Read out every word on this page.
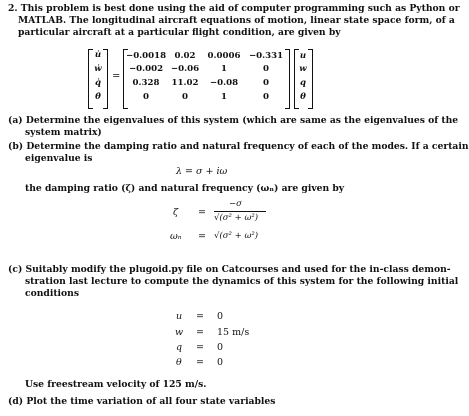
2. This problem is best done using the aid of computer programming such as Python or
MATLAB. The longitudinal aircraft equations of motion, linear state space form, of a
particular aircraft at a particular flight condition, are given by
u̇
ẇ
q̇
θ̇
=
−0.0018 0.02	0.0006 −0.331
−0.002 −0.06	1	0
0.328	11.02	−0.08	0
0	0	1	0
u
w
q
θ
(a) Determine the eigenvalues of this system (which are same as the eigenvalues of the
system matrix)
(b) Determine the damping ratio and natural frequency of each of the modes. If a certain
eigenvalue is
λ = σ + iω
the damping ratio (ζ) and natural frequency (ωₙ) are given by
ζ =
−σ
√(σ² + ω²)
ωₙ = √(σ² + ω²)
(c) Suitably modify the plugoid.py file on Catcourses and used for the in-class demon-
stration last lecture to compute the dynamics of this system for the following initial
conditions
u = 0
w = 15 m/s
q = 0
θ = 0
Use freestream velocity of 125 m/s.
(d) Plot the time variation of all four state variables
